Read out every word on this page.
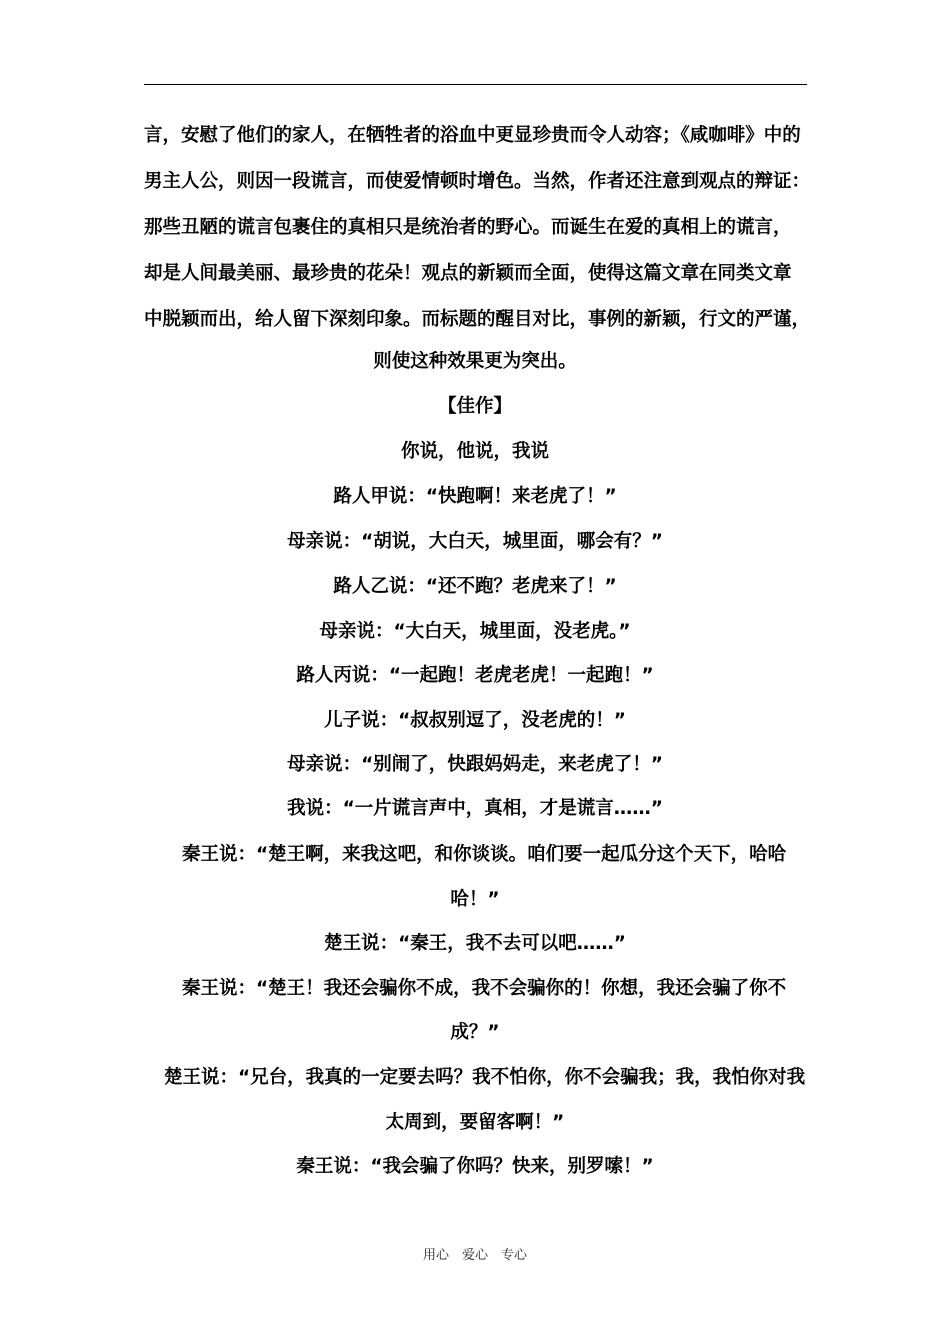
言，安慰了他们的家人，在牺牲者的浴血中更显珍贵而令人动容；《咸咖啡》中的
男主人公，则因一段谎言，而使爱情顿时增色。当然，作者还注意到观点的辩证：
那些丑陋的谎言包裹住的真相只是统治者的野心。而诞生在爱的真相上的谎言，
却是人间最美丽、最珍贵的花朵！观点的新颖而全面，使得这篇文章在同类文章
中脱颖而出，给人留下深刻印象。而标题的醒目对比，事例的新颖，行文的严谨，
则使这种效果更为突出。
【佳作】
你说，他说，我说
路人甲说：“快跑啊！来老虎了！”
母亲说：“胡说，大白天，城里面，哪会有？”
路人乙说：“还不跑？老虎来了！”
母亲说：“大白天，城里面，没老虎。”
路人丙说：“一起跑！老虎老虎！一起跑！”
儿子说：“叔叔别逗了，没老虎的！”
母亲说：“别闹了，快跟妈妈走，来老虎了！”
我说：“一片谎言声中，真相，才是谎言……”
秦王说：“楚王啊，来我这吧，和你谈谈。咱们要一起瓜分这个天下，哈哈
哈！”
楚王说：“秦王，我不去可以吧……”
秦王说：“楚王！我还会骗你不成，我不会骗你的！你想，我还会骗了你不
成？”
楚王说：“兄台，我真的一定要去吗？我不怕你，你不会骗我；我，我怕你对我
太周到，要留客啊！”
秦王说：“我会骗了你吗？快来，别罗嗦！”
用心　爱心　专心
